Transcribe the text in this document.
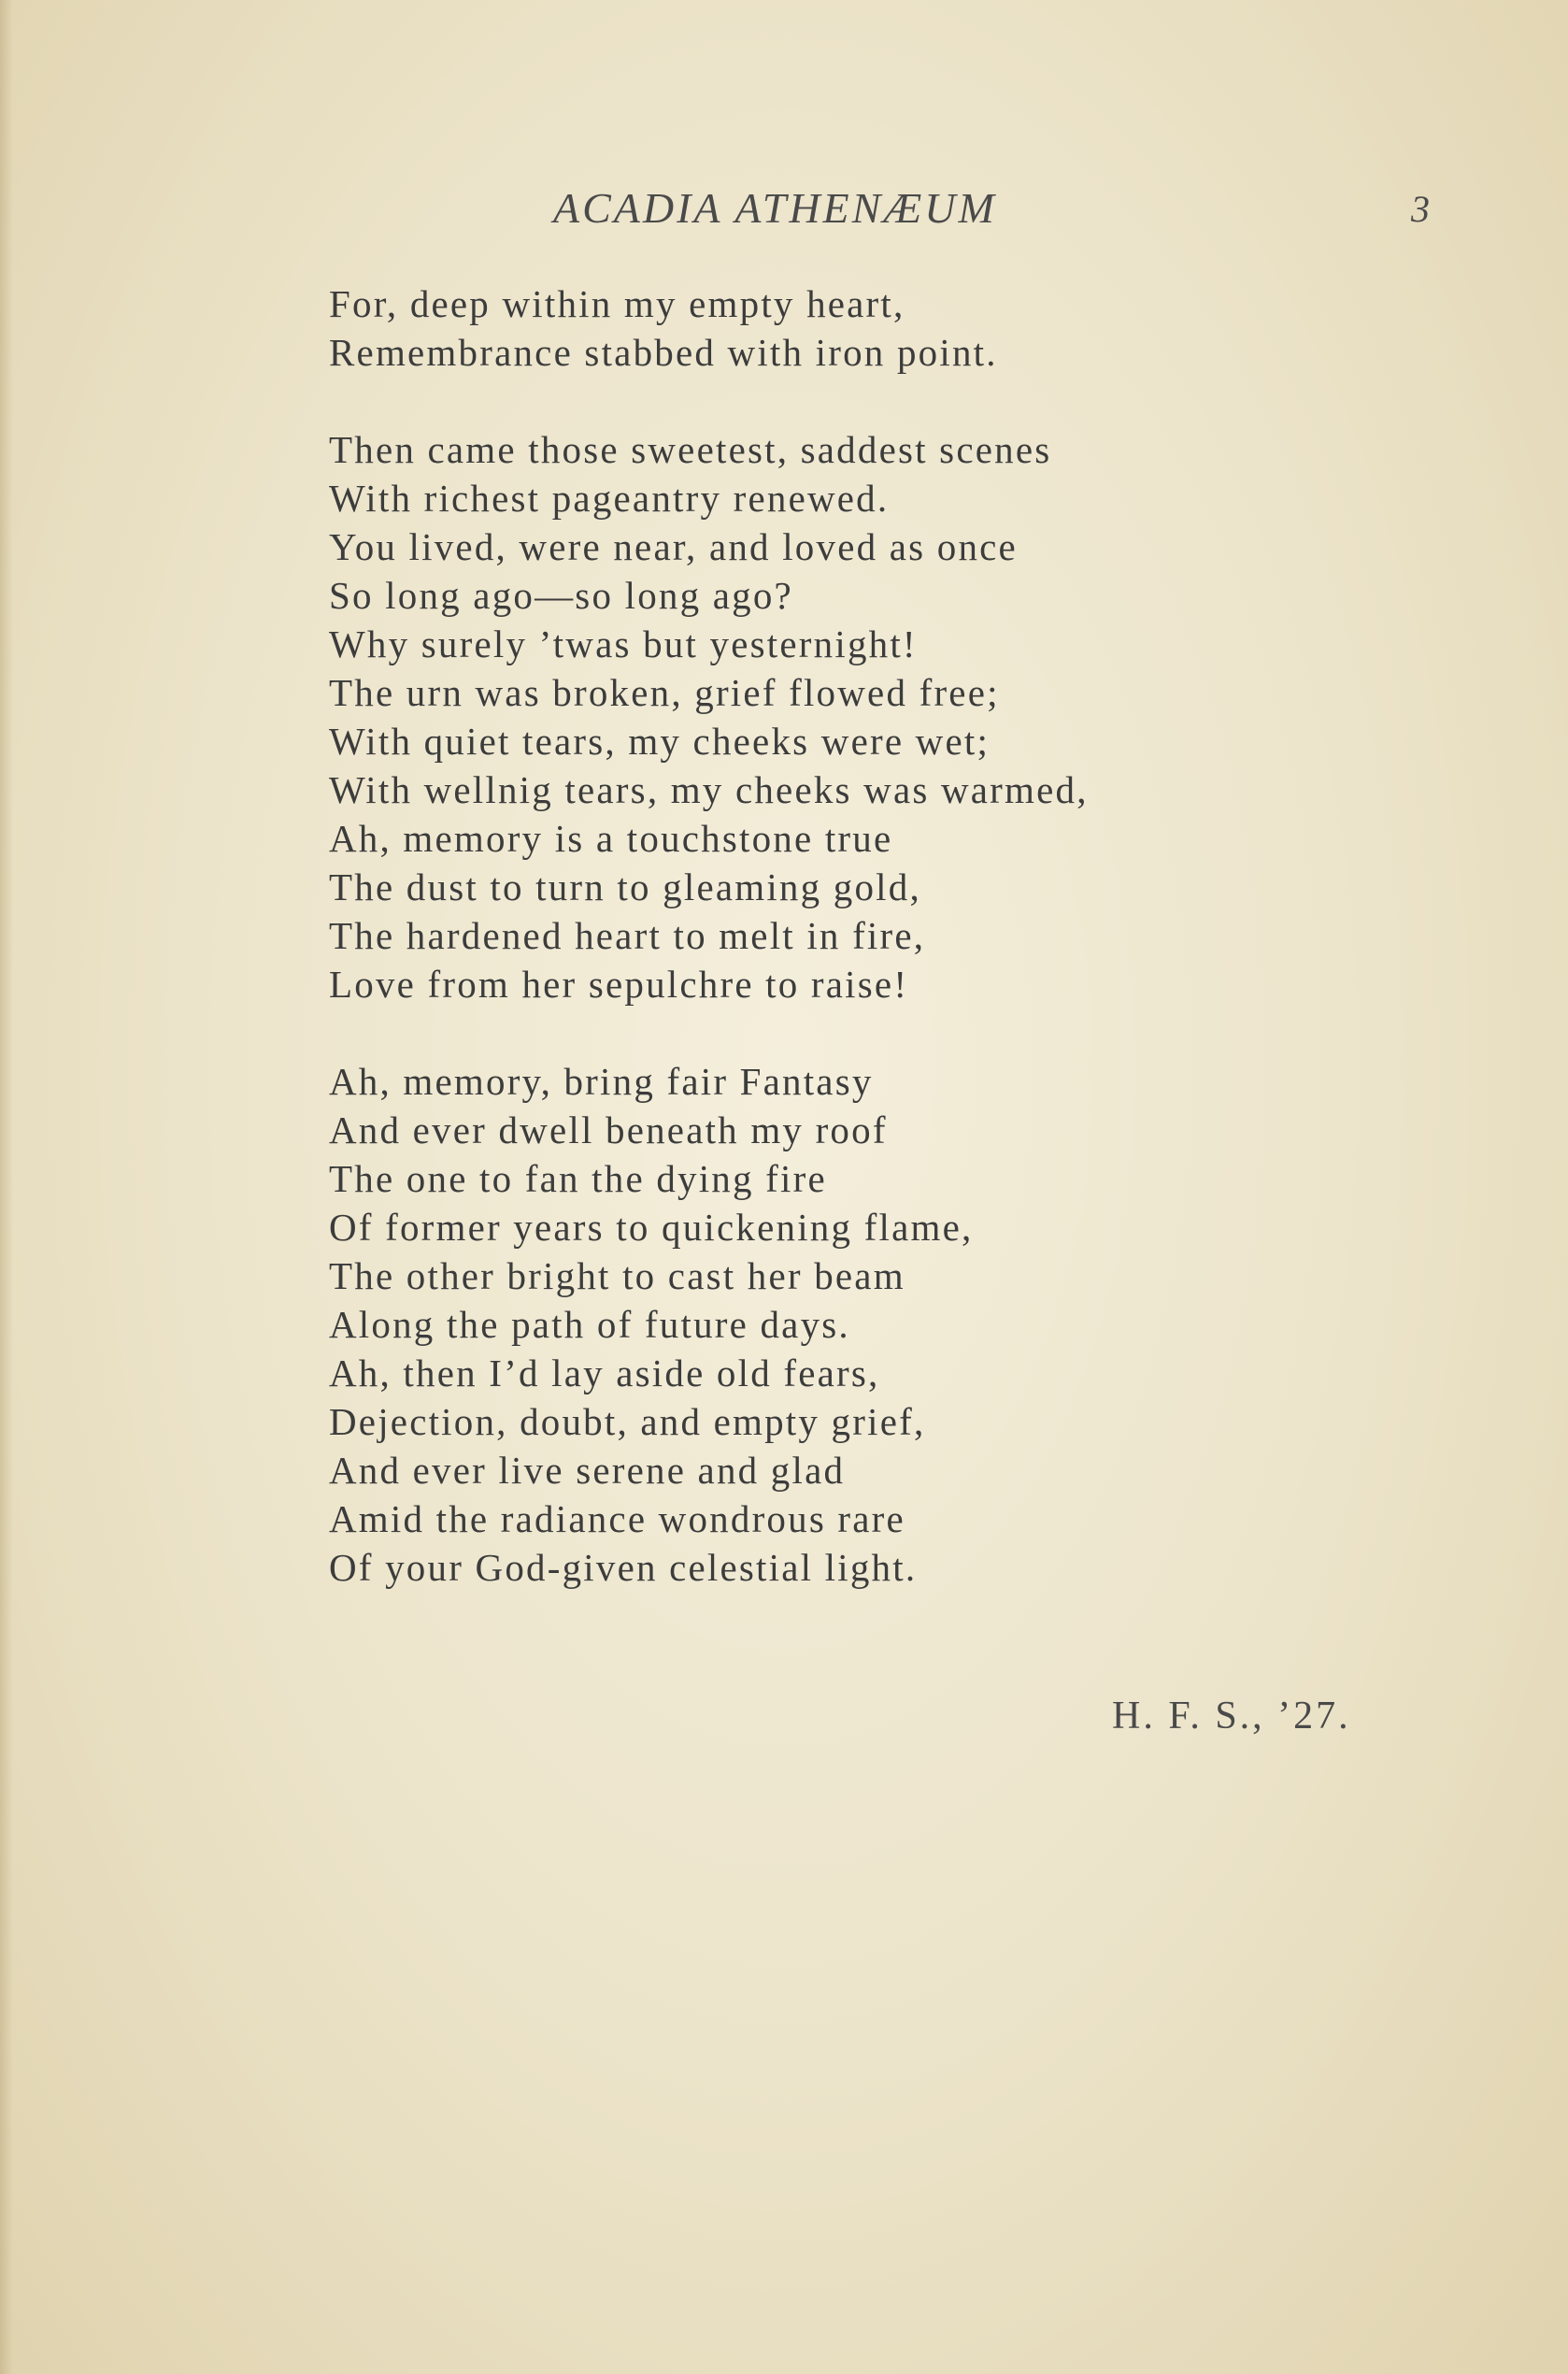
ACADIA ATHENÆUM	3
For, deep within my empty heart,
Remembrance stabbed with iron point.
Then came those sweetest, saddest scenes
With richest pageantry renewed.
You lived, were near, and loved as once
So long ago—so long ago?
Why surely ’twas but yesternight!
The urn was broken, grief flowed free;
With quiet tears, my cheeks were wet;
With wellnig tears, my cheeks was warmed,
Ah, memory is a touchstone true
The dust to turn to gleaming gold,
The hardened heart to melt in fire,
Love from her sepulchre to raise!
Ah, memory, bring fair Fantasy
And ever dwell beneath my roof
The one to fan the dying fire
Of former years to quickening flame,
The other bright to cast her beam
Along the path of future days.
Ah, then I’d lay aside old fears,
Dejection, doubt, and empty grief,
And ever live serene and glad
Amid the radiance wondrous rare
Of your God-given celestial light.
H. F. S., ’27.
